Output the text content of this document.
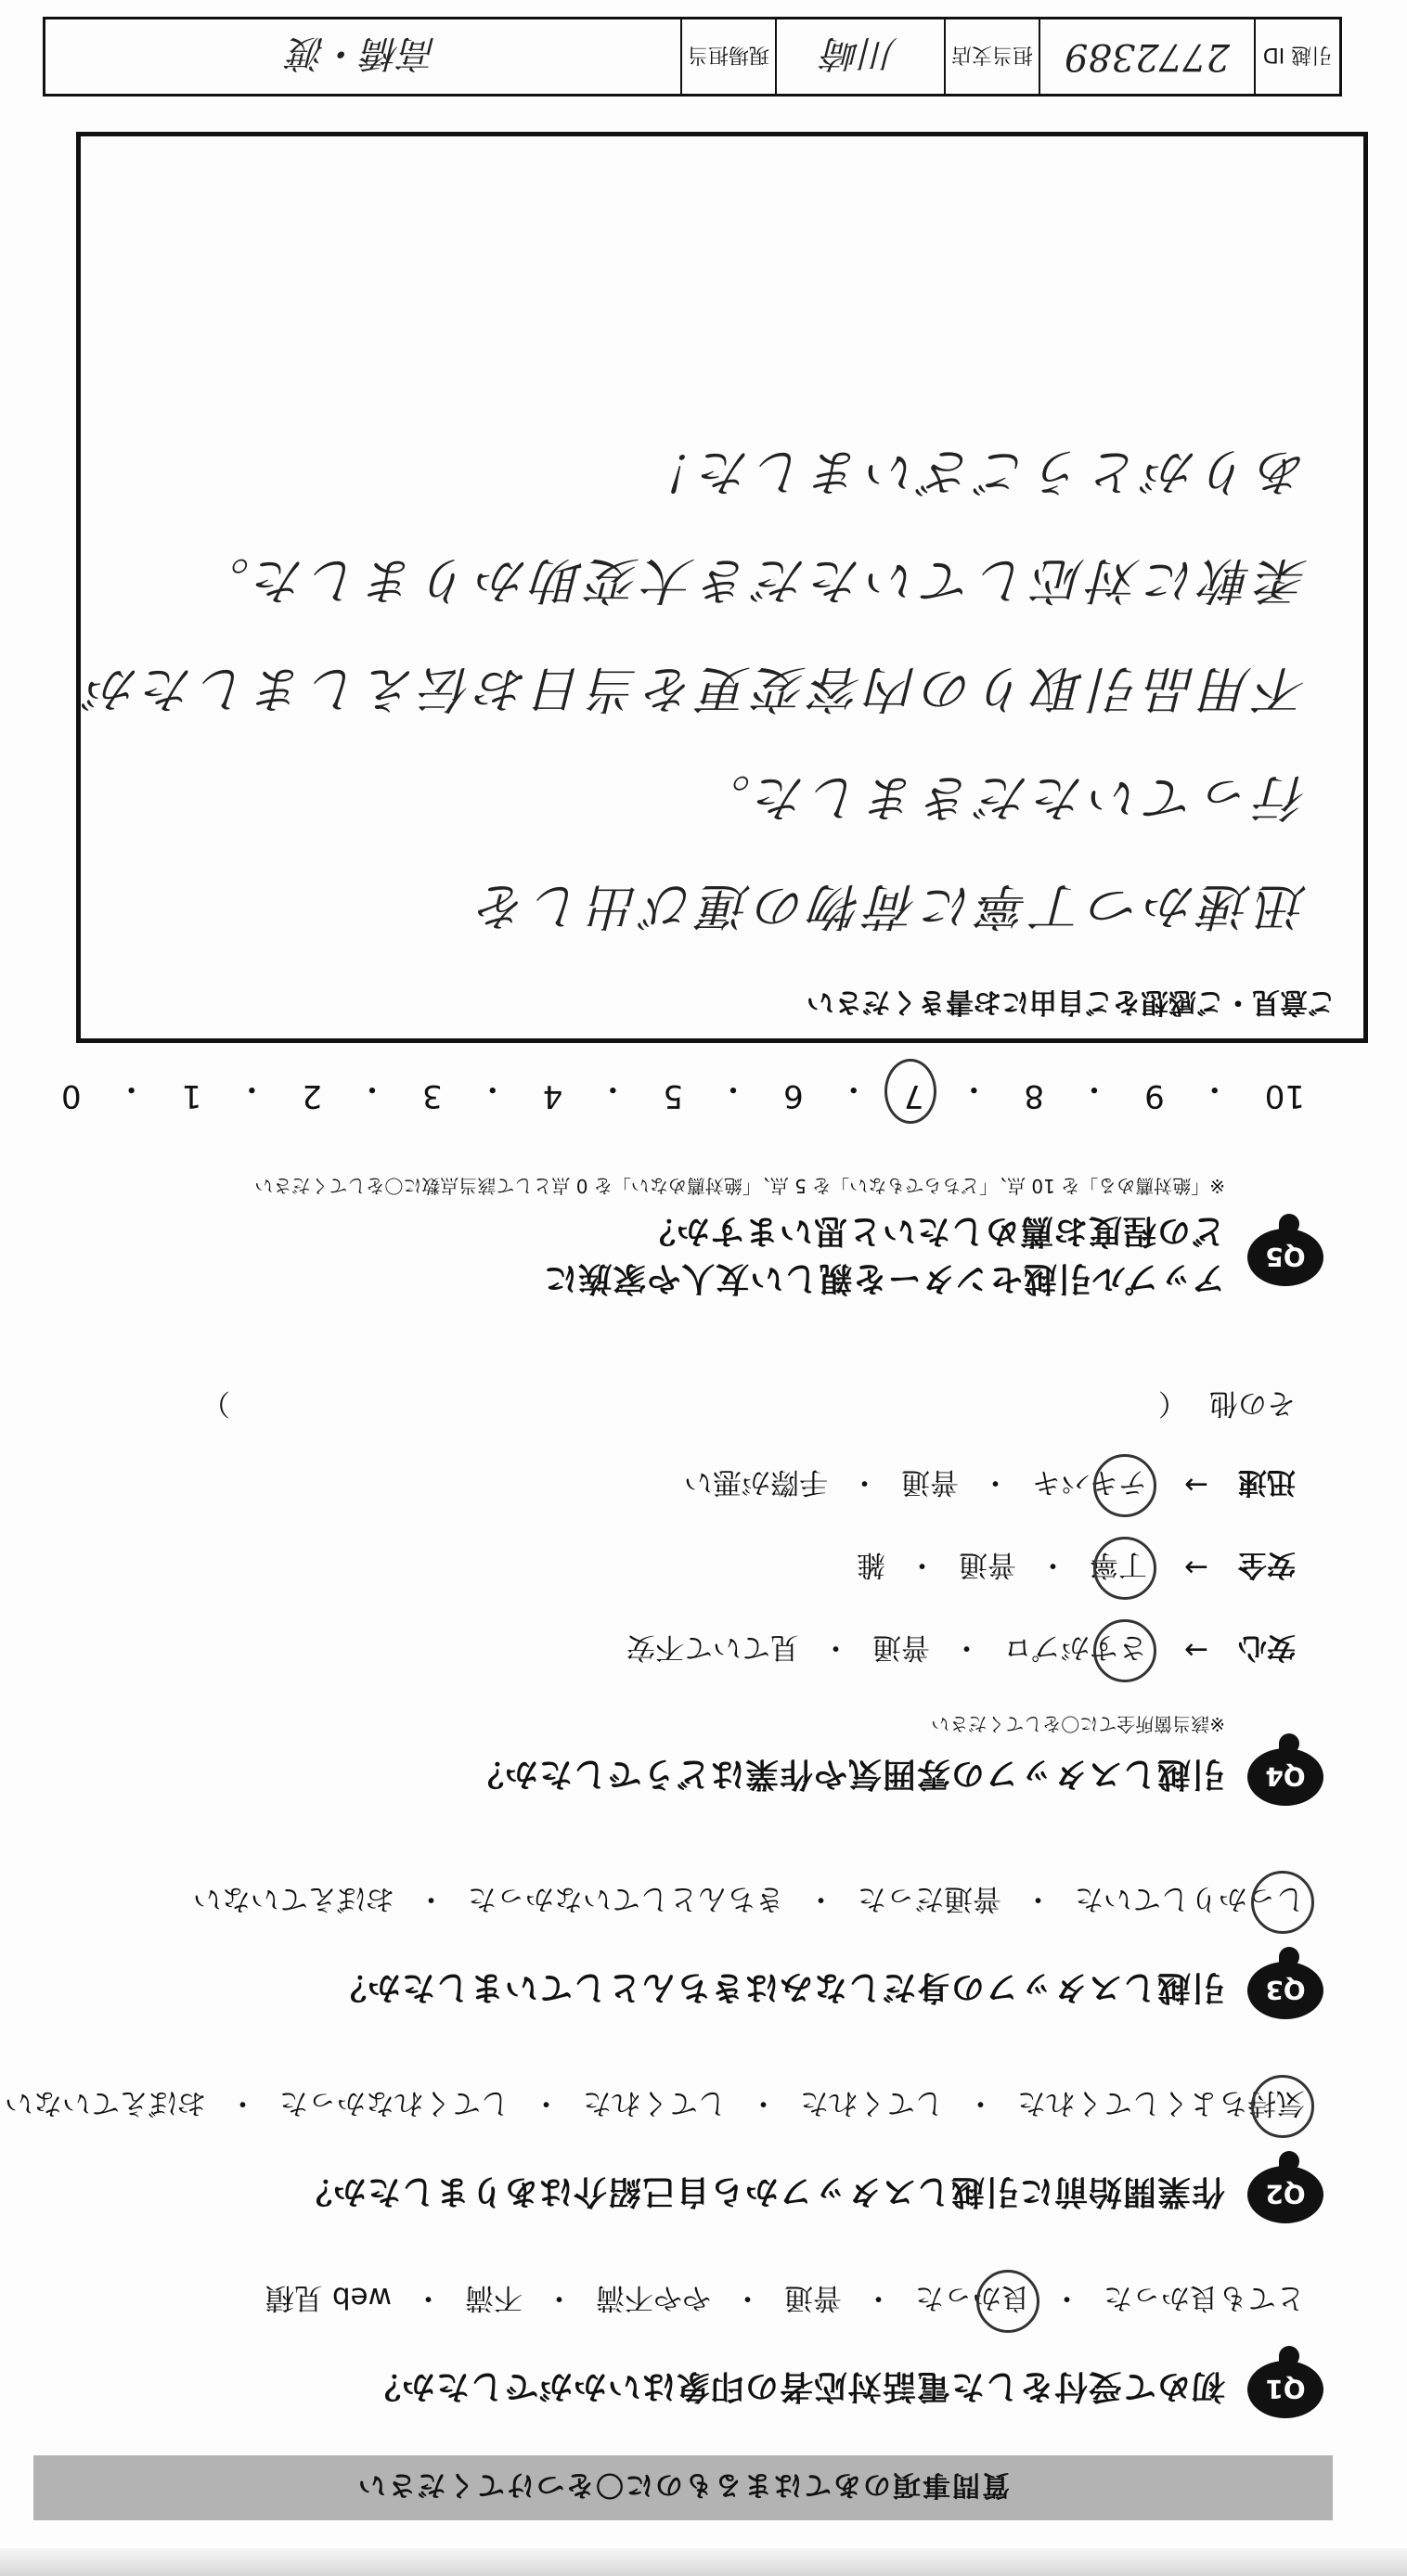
質問事項のあてはまるものに〇をつけてください
Q1
初めて受付をした電話対応者の印象はいかがでしたか？
とても良かった
・
良かった
・
普通
・
やや不満
・
不満
・
web 見積
Q2
作業開始前に引越しスタッフから自己紹介はありましたか？
気持ちよくしてくれた
・
してくれた
・
してくれた
・
してくれなかった
・
おぼえていない
Q3
引越しスタッフの身だしなみはきちんとしていましたか？
しっかりしていた
・
普通だった
・
きちんとしていなかった
・
おぼえていない
Q4
引越しスタッフの雰囲気や作業はどうでしたか？
※該当箇所全てに〇をしてください
安心
→
さすがプロ
・
普通
・
見ていて不安
安全
→
丁寧
・
普通
・
雑
迅速
→
テキパキ
・
普通
・
手際が悪い
その他
（
）
Q5
アップル引越センターを親しい友人や家族に
どの程度お薦めしたいと思いますか？
※「絶対薦める」を 10 点、「どちらでもない」を 5 点、「絶対薦めない」を 0 点として該当点数に〇をしてください
10
・
9
・
8
・
7
・
6
・
5
・
4
・
3
・
2
・
1
・
0
ご意見・ご感想をご自由にお書きください
迅速かつ丁寧に荷物の運び出しを
行っていただきました。
不用品引取りの内容変更を当日お伝えしましたが
柔軟に対応していただき大変助かりました。
ありがとうございました！
引越 ID
2772389
担当支店
川崎
現場担当
高橋・渡
